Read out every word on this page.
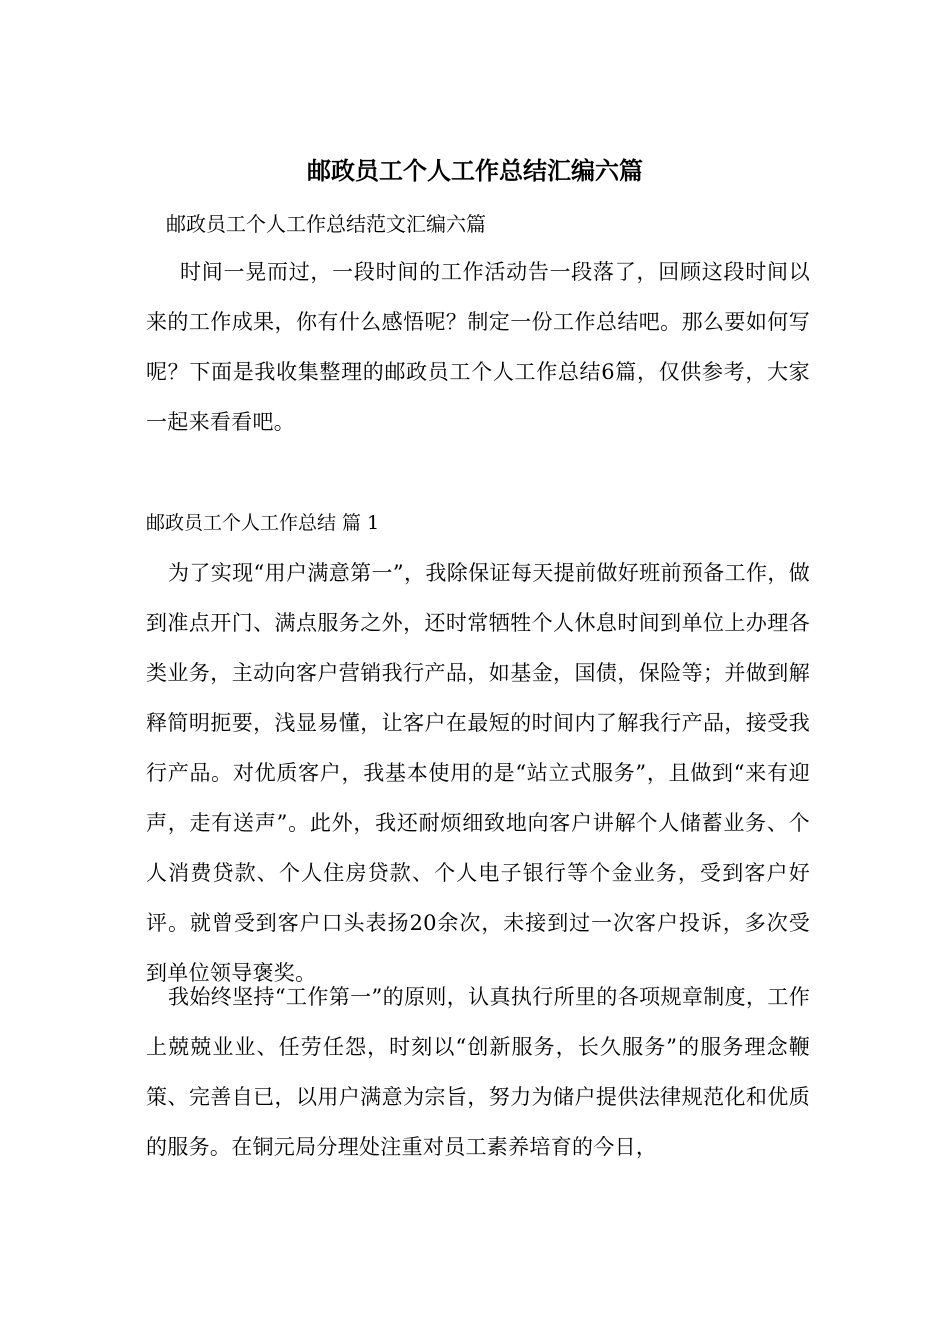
邮政员工个人工作总结汇编六篇
邮政员工个人工作总结范文汇编六篇

时间一晃而过，一段时间的工作活动告一段落了，回顾这段时间以来的工作成果，你有什么感悟呢？制定一份工作总结吧。那么要如何写呢？下面是我收集整理的邮政员工个人工作总结6篇，仅供参考，大家一起来看看吧。

邮政员工个人工作总结 篇 1

为了实现“用户满意第一”，我除保证每天提前做好班前预备工作，做到准点开门、满点服务之外，还时常牺牲个人休息时间到单位上办理各类业务，主动向客户营销我行产品，如基金，国债，保险等；并做到解释简明扼要，浅显易懂，让客户在最短的时间内了解我行产品，接受我行产品。对优质客户，我基本使用的是“站立式服务”，且做到“来有迎声，走有送声”。此外，我还耐烦细致地向客户讲解个人储蓄业务、个人消费贷款、个人住房贷款、个人电子银行等个金业务，受到客户好评。就曾受到客户口头表扬20余次，未接到过一次客户投诉，多次受到单位领导褒奖。

我始终坚持“工作第一”的原则，认真执行所里的各项规章制度，工作上兢兢业业、任劳任怨，时刻以“创新服务，长久服务”的服务理念鞭策、完善自已，以用户满意为宗旨，努力为储户提供法律规范化和优质的服务。在铜元局分理处注重对员工素养培育的今日，
